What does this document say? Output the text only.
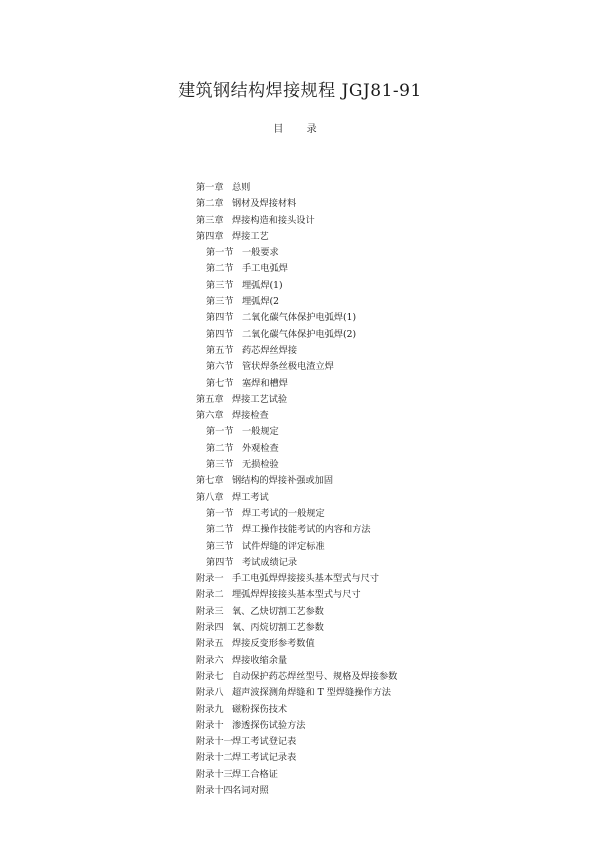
建筑钢结构焊接规程 JGJ81-91
目 录
第一章 总则
第二章 钢材及焊接材料
第三章 焊接构造和接头设计
第四章 焊接工艺
第一节 一般要求
第二节 手工电弧焊
第三节 埋弧焊(1)
第三节 埋弧焊(2
第四节 二氧化碳气体保护电弧焊(1)
第四节 二氧化碳气体保护电弧焊(2)
第五节 药芯焊丝焊接
第六节 管状焊条丝极电渣立焊
第七节 塞焊和槽焊
第五章 焊接工艺试验
第六章 焊接检查
第一节 一般规定
第二节 外观检查
第三节 无损检验
第七章 钢结构的焊接补强或加固
第八章 焊工考试
第一节 焊工考试的一般规定
第二节 焊工操作技能考试的内容和方法
第三节 试件焊缝的评定标准
第四节 考试成绩记录
附录一 手工电弧焊焊接接头基本型式与尺寸
附录二 埋弧焊焊接接头基本型式与尺寸
附录三 氧、乙炔切割工艺参数
附录四 氧、丙烷切割工艺参数
附录五 焊接反变形参考数值
附录六 焊接收缩余量
附录七 自动保护药芯焊丝型号、规格及焊接参数
附录八 超声波探测角焊缝和 T 型焊缝操作方法
附录九 磁粉探伤技术
附录十 渗透探伤试验方法
附录十一 焊工考试登记表
附录十二 焊工考试记录表
附录十三 焊工合格证
附录十四 名词对照
